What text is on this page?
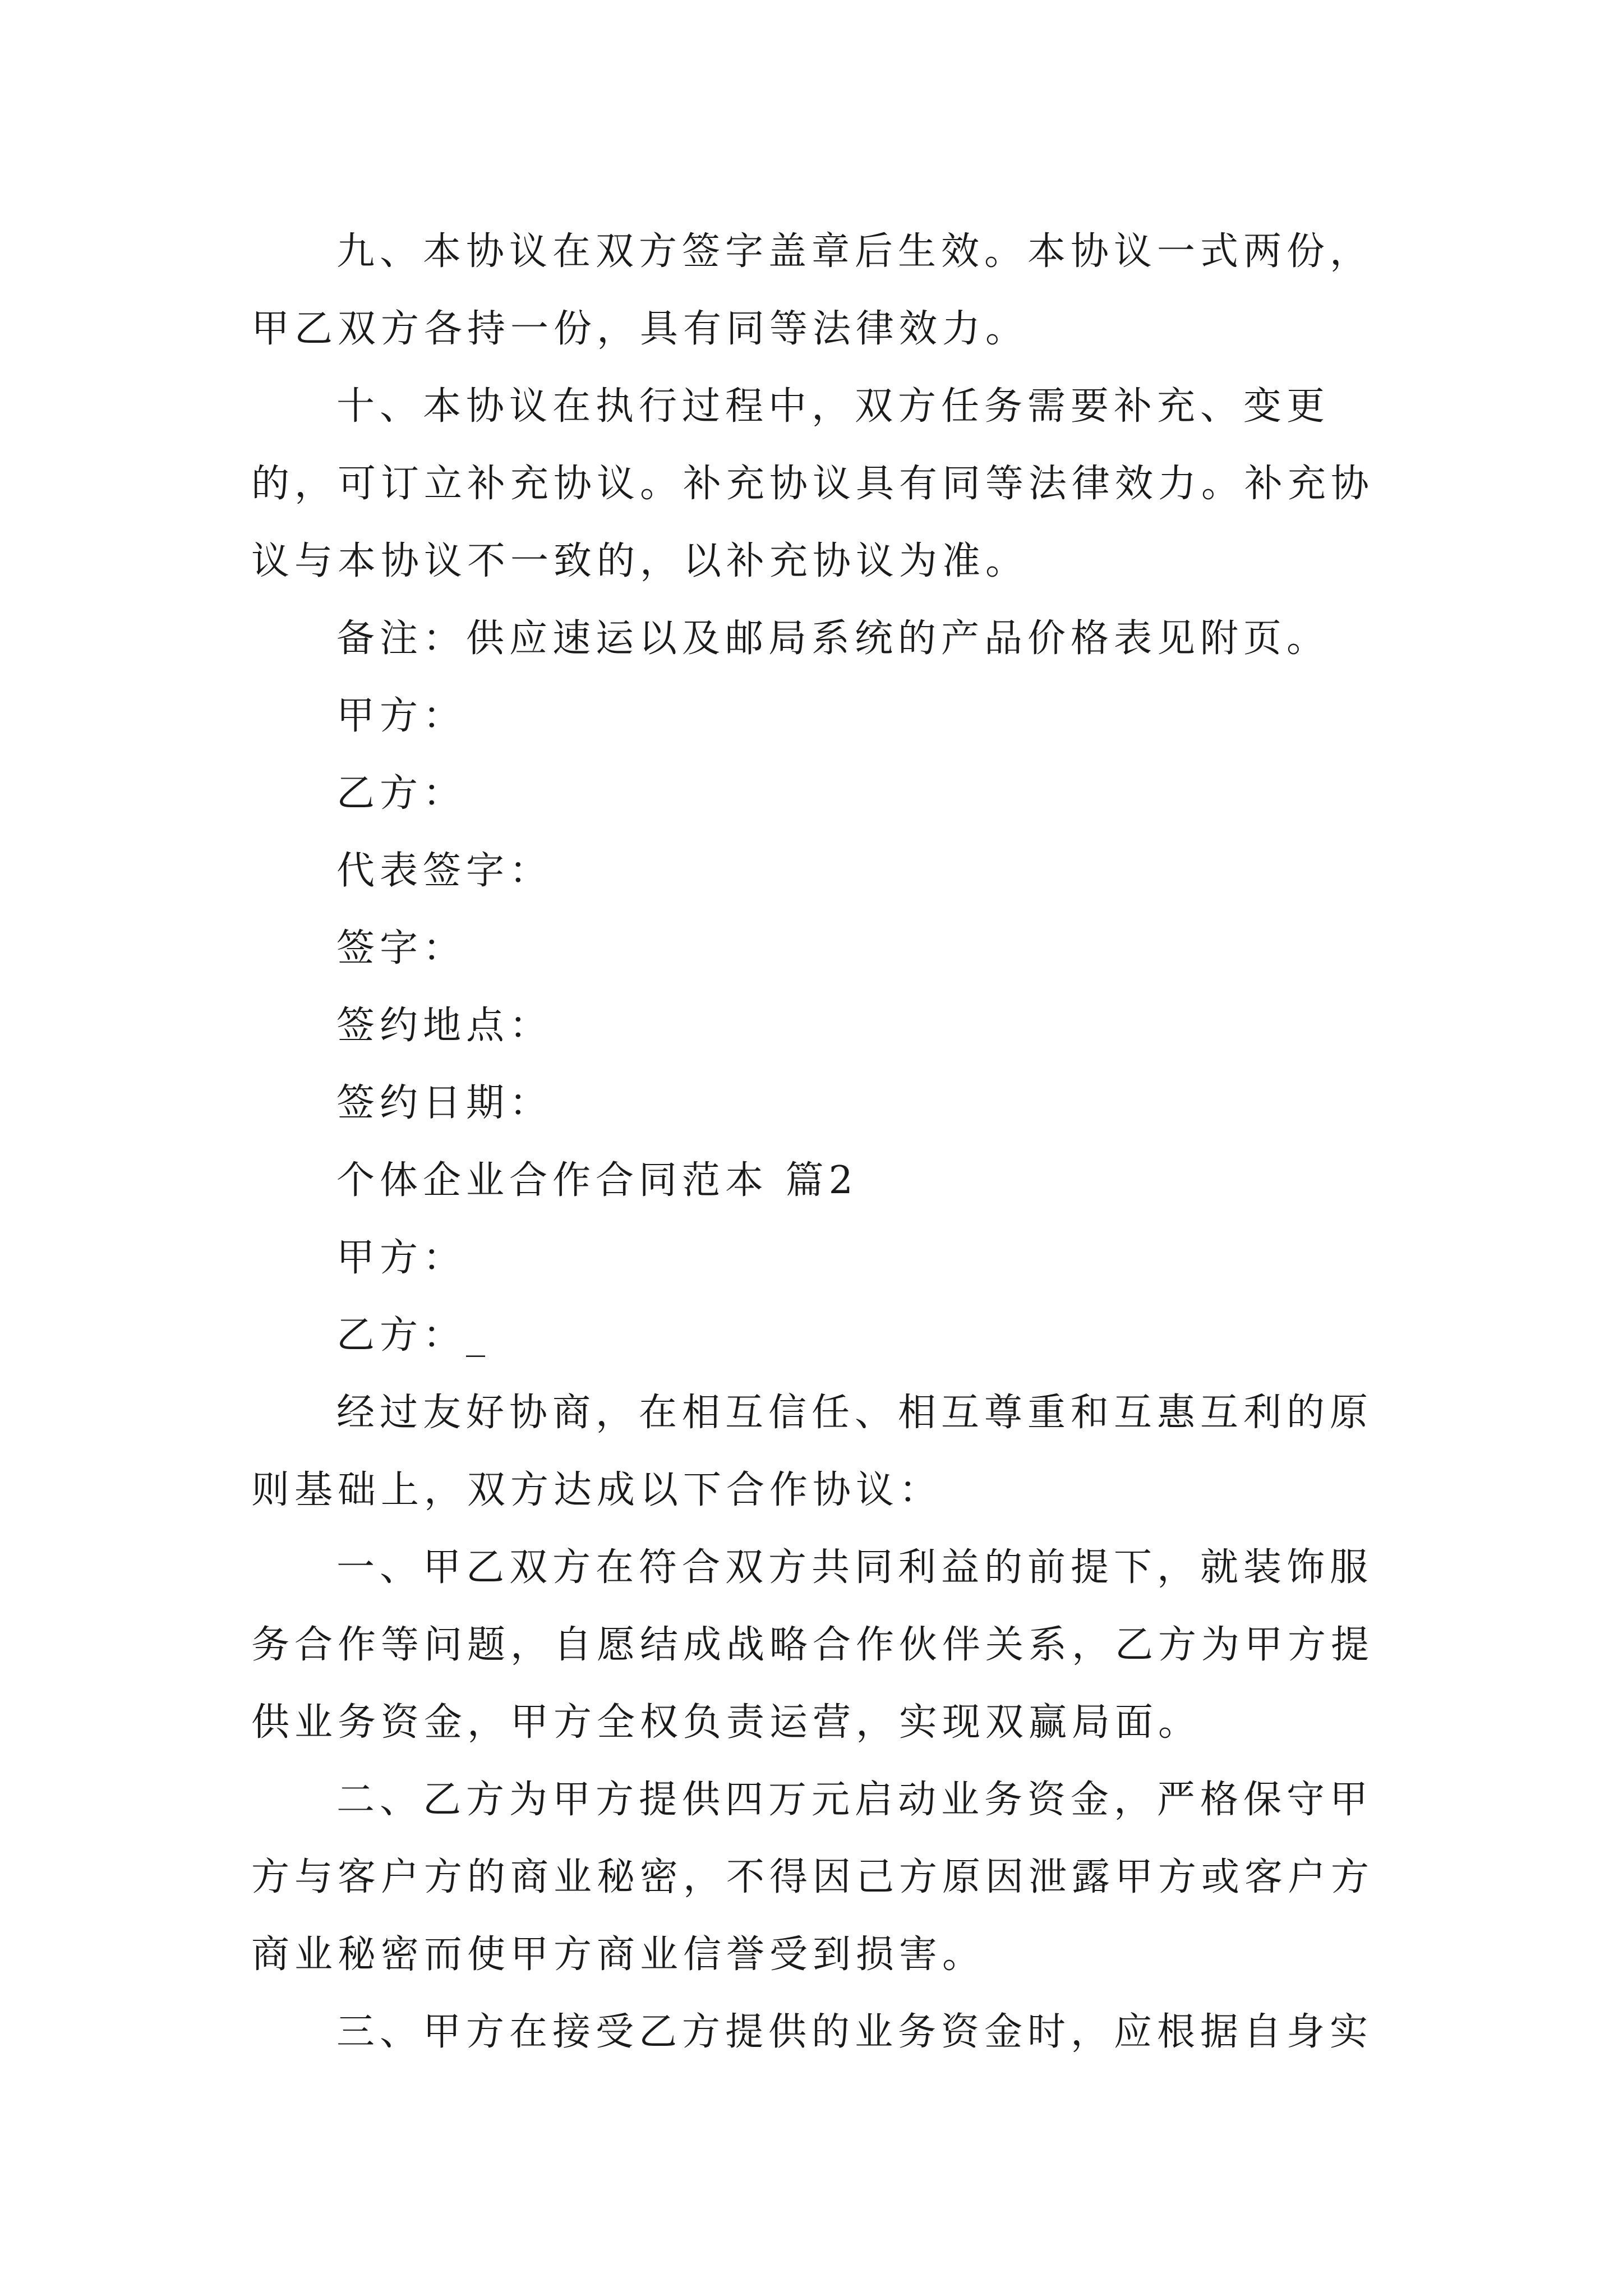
九、本协议在双方签字盖章后生效。本协议一式两份，甲乙双方各持一份，具有同等法律效力。

十、本协议在执行过程中，双方任务需要补充、变更的，可订立补充协议。补充协议具有同等法律效力。补充协议与本协议不一致的，以补充协议为准。

备注：供应速运以及邮局系统的产品价格表见附页。

甲方：

乙方：

代表签字：

签字：

签约地点：

签约日期：

个体企业合作合同范本 篇2

甲方：

乙方：_

经过友好协商，在相互信任、相互尊重和互惠互利的原则基础上，双方达成以下合作协议：

一、甲乙双方在符合双方共同利益的前提下，就装饰服务合作等问题，自愿结成战略合作伙伴关系，乙方为甲方提供业务资金，甲方全权负责运营，实现双赢局面。

二、乙方为甲方提供四万元启动业务资金，严格保守甲方与客户方的商业秘密，不得因己方原因泄露甲方或客户方商业秘密而使甲方商业信誉受到损害。

三、甲方在接受乙方提供的业务资金时，应根据自身实
